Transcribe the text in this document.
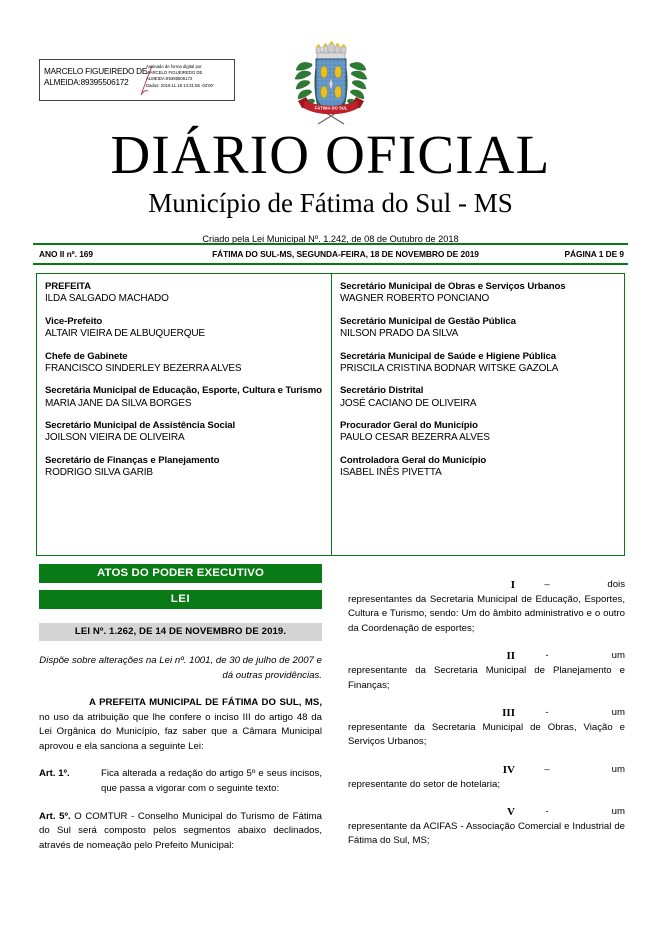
MARCELO FIGUEIREDO DE
ALMEIDA:89395506172
Assinado de forma digital por
MARCELO FIGUEIREDO DE
ALMEIDA:89395506172
Dados: 2019.11.18 14:31:55 -04'00'
FÁTIMA DO SUL
DIÁRIO OFICIAL
Município de Fátima do Sul - MS
Criado pela Lei Municipal Nº. 1.242, de 08 de Outubro de 2018
ANO II nº. 169	FÁTIMA DO SUL-MS, SEGUNDA-FEIRA, 18 DE NOVEMBRO DE 2019	PÁGINA 1 DE 9
PREFEITA
ILDA SALGADO MACHADO
Vice-Prefeito
ALTAIR VIEIRA DE ALBUQUERQUE
Chefe de Gabinete
FRANCISCO SINDERLEY BEZERRA ALVES
Secretária Municipal de Educação, Esporte, Cultura e Turismo
MARIA JANE DA SILVA BORGES
Secretário Municipal de Assistência Social
JOILSON VIEIRA DE OLIVEIRA
Secretário de Finanças e Planejamento
RODRIGO SILVA GARIB
Secretário Municipal de Obras e Serviços Urbanos
WAGNER ROBERTO PONCIANO
Secretário Municipal de Gestão Pública
NILSON PRADO DA SILVA
Secretária Municipal de Saúde e Higiene Pública
PRISCILA CRISTINA BODNAR WITSKE GAZOLA
Secretário Distrital
JOSÉ CACIANO DE OLIVEIRA
Procurador Geral do Município
PAULO CESAR BEZERRA ALVES
Controladora Geral do Município
ISABEL INÊS PIVETTA
ATOS DO PODER EXECUTIVO
LEI
LEI Nº. 1.262, DE 14 DE NOVEMBRO DE 2019.
Dispõe sobre alterações na Lei nº. 1001, de 30 de julho de 2007 e dá outras providências.
A PREFEITA MUNICIPAL DE FÁTIMA DO SUL, MS, no uso da atribuição que lhe confere o inciso III do artigo 48 da Lei Orgânica do Município, faz saber que a Câmara Municipal aprovou e ela sanciona a seguinte Lei:
Art. 1º.	Fica alterada a redação do artigo 5º e seus incisos, que passa a vigorar com o seguinte texto:
Art. 5º. O COMTUR - Conselho Municipal do Turismo de Fátima do Sul será composto pelos segmentos abaixo declinados, através de nomeação pelo Prefeito Municipal:
I	–	dois
representantes da Secretaria Municipal de Educação, Esportes, Cultura e Turismo, sendo: Um do âmbito administrativo e o outro da Coordenação de esportes;
II	-	um
representante da Secretaria Municipal de Planejamento e Finanças;
III	-	um
representante da Secretaria Municipal de Obras, Viação e Serviços Urbanos;
IV	–	um
representante do setor de hotelaria;
V	-	um
representante da ACIFAS - Associação Comercial e Industrial de Fátima do Sul, MS;
